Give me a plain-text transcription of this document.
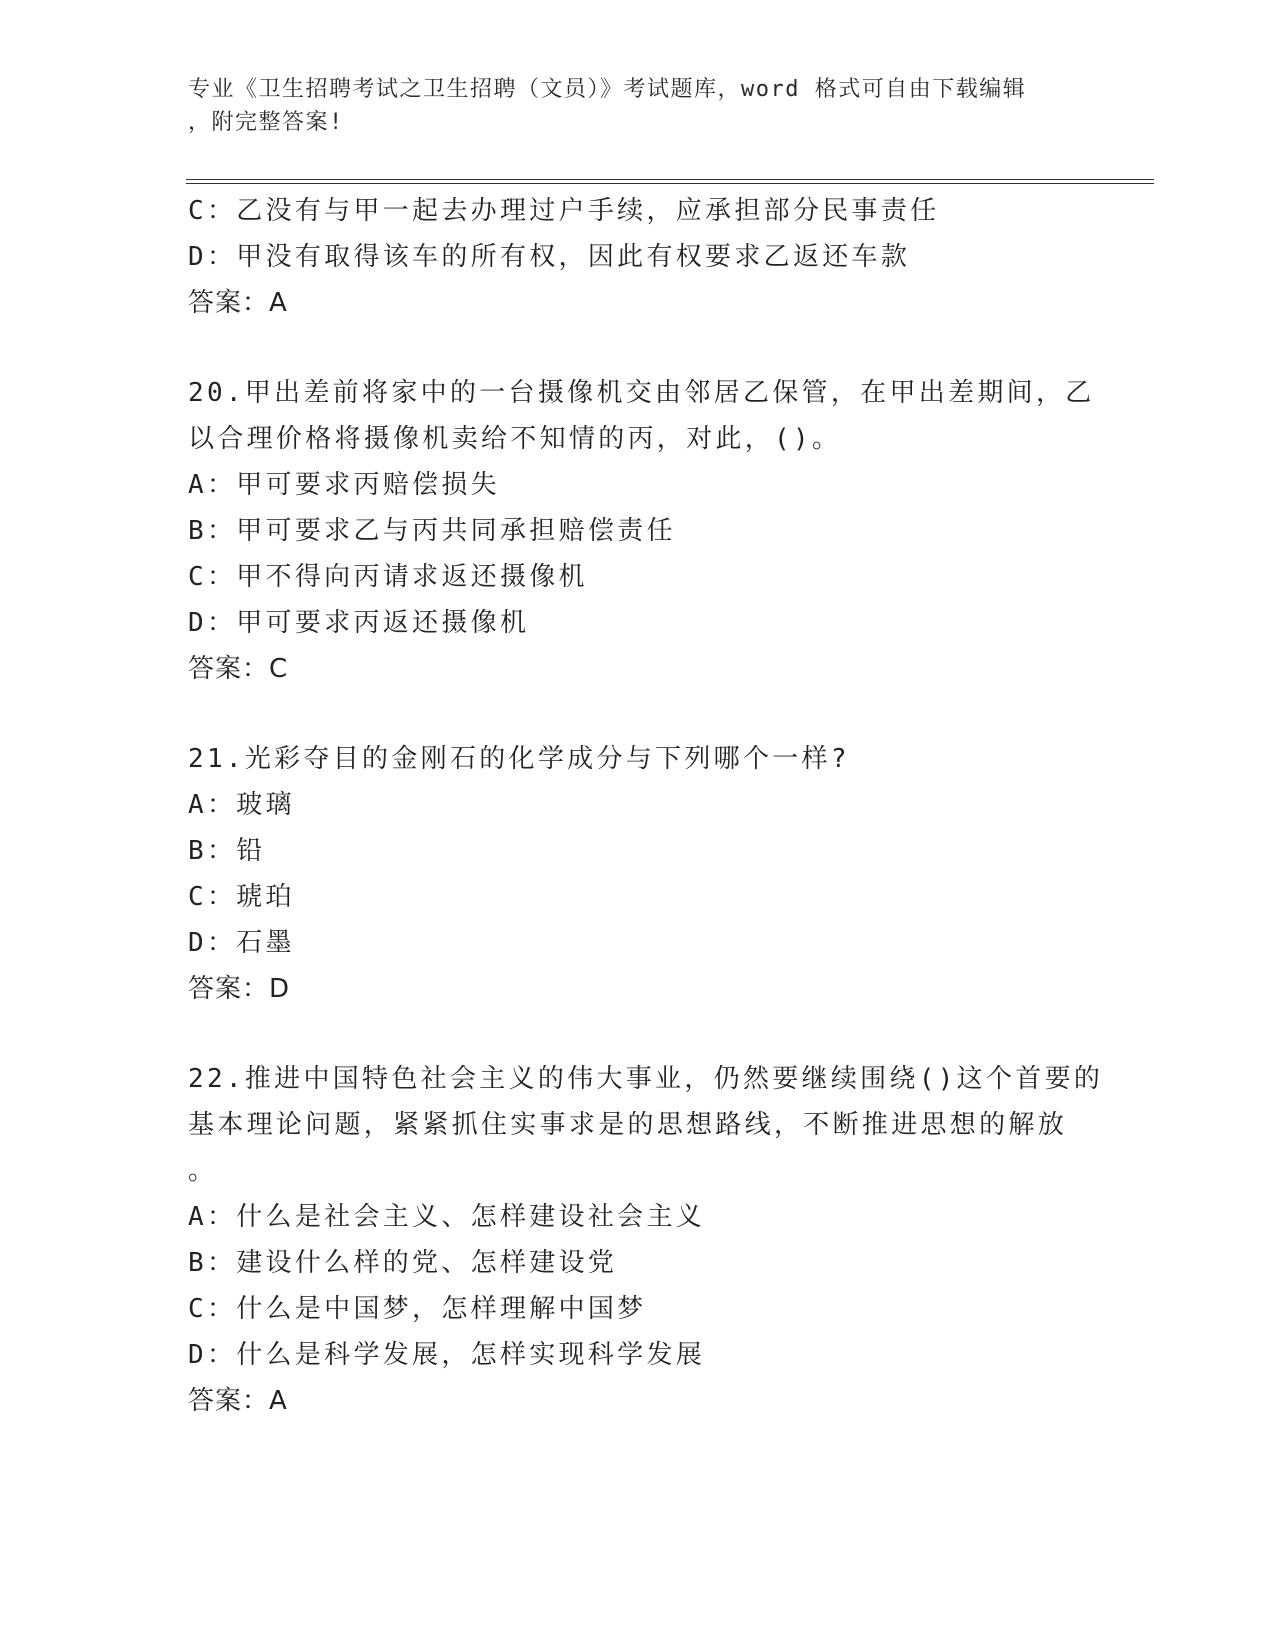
专业《卫生招聘考试之卫生招聘（文员）》考试题库，word 格式可自由下载编辑
，附完整答案!
C：乙没有与甲一起去办理过户手续，应承担部分民事责任
D：甲没有取得该车的所有权，因此有权要求乙返还车款
答案：A
20.甲出差前将家中的一台摄像机交由邻居乙保管，在甲出差期间，乙
以合理价格将摄像机卖给不知情的丙，对此，()。
A：甲可要求丙赔偿损失
B：甲可要求乙与丙共同承担赔偿责任
C：甲不得向丙请求返还摄像机
D：甲可要求丙返还摄像机
答案：C
21.光彩夺目的金刚石的化学成分与下列哪个一样?
A：玻璃
B：铅
C：琥珀
D：石墨
答案：D
22.推进中国特色社会主义的伟大事业，仍然要继续围绕()这个首要的
基本理论问题，紧紧抓住实事求是的思想路线，不断推进思想的解放
。
A：什么是社会主义、怎样建设社会主义
B：建设什么样的党、怎样建设党
C：什么是中国梦，怎样理解中国梦
D：什么是科学发展，怎样实现科学发展
答案：A
